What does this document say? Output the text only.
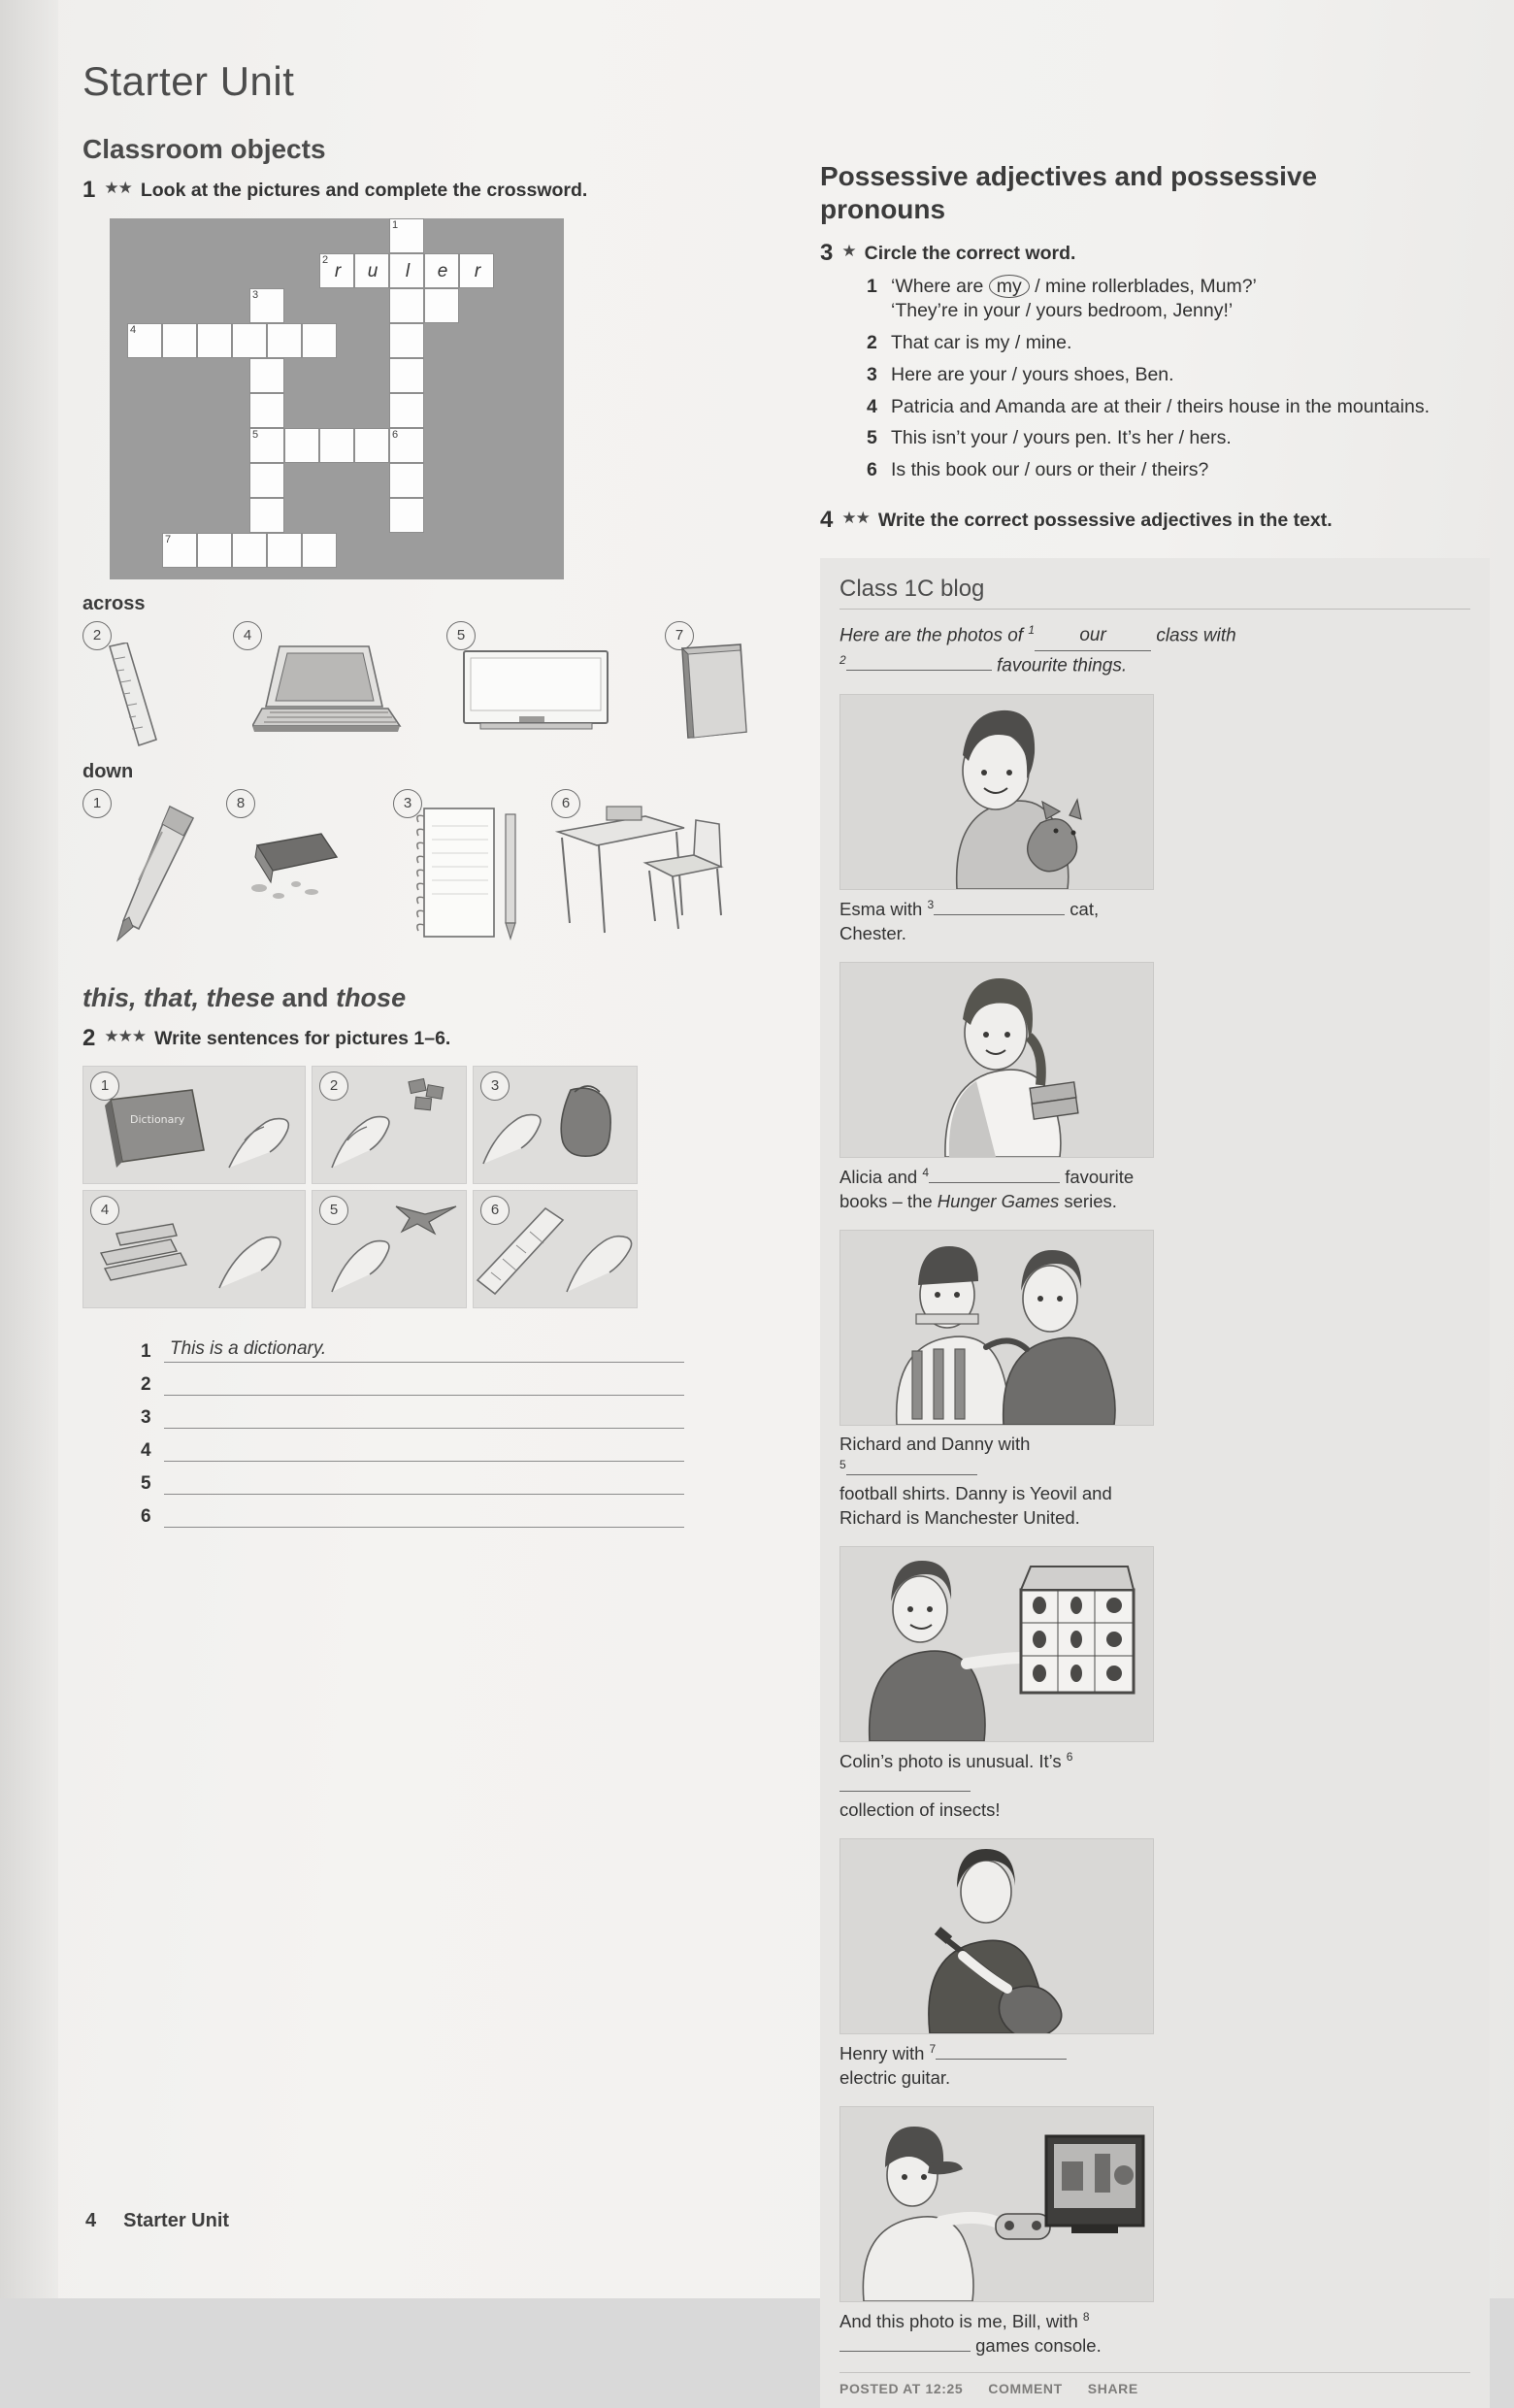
Starter Unit
Classroom objects
1 ★★ Look at the pictures and complete the crossword.
1
2
r	u	l	e	r
3
4
5	6
7
across
2	4	5	7
down
1	8	3	6
this, that, these and those
2 ★★★ Write sentences for pictures 1–6.
Dictionary
1	2	3
4	5	6
1 This is a dictionary.
2
3
4
5
6
Possessive adjectives and possessive pronouns
3 ★ Circle the correct word.
1 ‘Where are my / mine rollerblades, Mum?’
‘They’re in your / yours bedroom, Jenny!’
2 That car is my / mine.
3 Here are your / yours shoes, Ben.
4 Patricia and Amanda are at their / theirs house in the mountains.
5 This isn’t your / yours pen. It’s her / hers.
6 Is this book our / ours or their / theirs?
4 ★★ Write the correct possessive adjectives in the text.
Class 1C blog
Here are the photos of $^1$ our	class with
$^2$	favourite things.
Esma with $^3$	cat, Chester.
Alicia and $^4$	favourite books – the Hunger Games series.
Richard and Danny with
$^5$
football shirts. Danny is Yeovil and Richard is Manchester United.
Colin’s photo is unusual. It’s $^6$
collection of insects!
Henry with $^7$
electric guitar.
And this photo is me, Bill, with $^8$ games console.
POSTED AT 12:25 COMMENT SHARE
4 Starter Unit
